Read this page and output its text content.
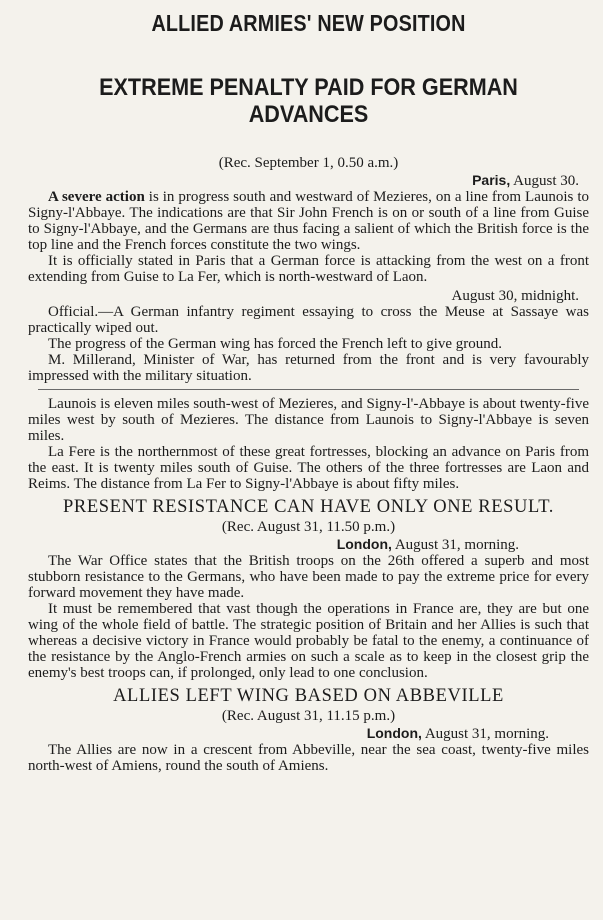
ALLIED ARMIES' NEW POSITION
EXTREME PENALTY PAID FOR GERMAN
ADVANCES

(Rec. September 1, 0.50 a.m.)

Paris, August 30.

A severe action is in progress south and westward of Mezieres, on a line from Launois to Signy-l'Abbaye. The indications are that Sir John French is on or south of a line from Guise to Signy-l'Abbaye, and the Germans are thus facing a salient of which the British force is the top line and the French forces constitute the two wings.

It is officially stated in Paris that a German force is attacking from the west on a front extending from Guise to La Fer, which is north-westward of Laon.

August 30, midnight.

Official.—A German infantry regiment essaying to cross the Meuse at Sassaye was practically wiped out.

The progress of the German wing has forced the French left to give ground.

M. Millerand, Minister of War, has returned from the front and is very favourably impressed with the military situation.

Launois is eleven miles south-west of Mezieres, and Signy-l'-Abbaye is about twenty-five miles west by south of Mezieres. The distance from Launois to Signy-l'Abbaye is seven miles.

La Fere is the northernmost of these great fortresses, blocking an advance on Paris from the east. It is twenty miles south of Guise. The others of the three fortresses are Laon and Reims. The distance from La Fer to Signy-l'Abbaye is about fifty miles.

PRESENT RESISTANCE CAN HAVE ONLY ONE RESULT.

(Rec. August 31, 11.50 p.m.)

London, August 31, morning.

The War Office states that the British troops on the 26th offered a superb and most stubborn resistance to the Germans, who have been made to pay the extreme price for every forward movement they have made.

It must be remembered that vast though the operations in France are, they are but one wing of the whole field of battle. The strategic position of Britain and her Allies is such that whereas a decisive victory in France would probably be fatal to the enemy, a continuance of the resistance by the Anglo-French armies on such a scale as to keep in the closest grip the enemy's best troops can, if prolonged, only lead to one conclusion.

ALLIES LEFT WING BASED ON ABBEVILLE

(Rec. August 31, 11.15 p.m.)

London, August 31, morning.

The Allies are now in a crescent from Abbeville, near the sea coast, twenty-five miles north-west of Amiens, round the south of Amiens.
